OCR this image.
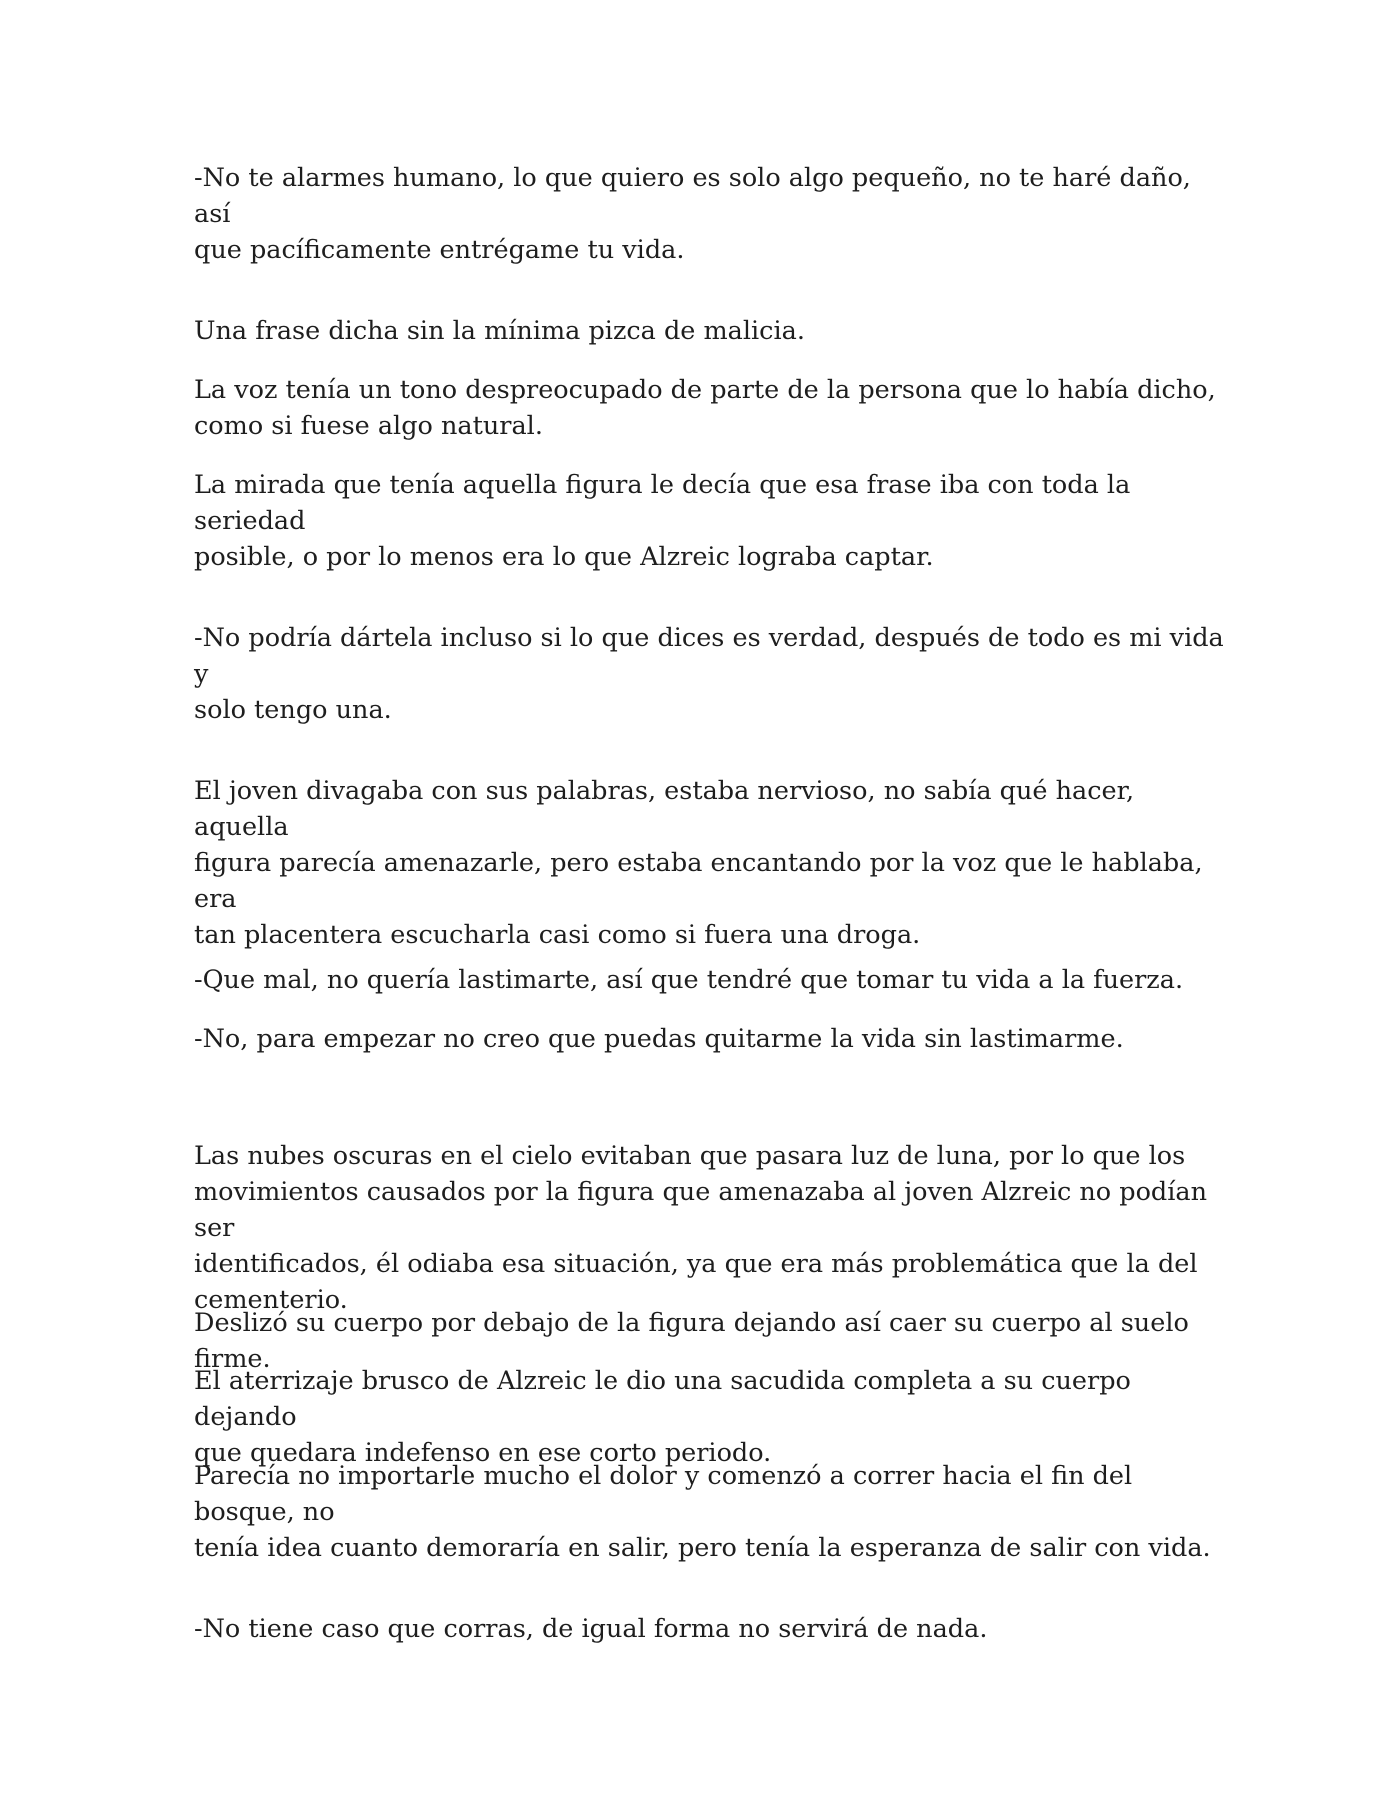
-No te alarmes humano, lo que quiero es solo algo pequeño, no te haré daño, así
que pacíficamente entrégame tu vida.

Una frase dicha sin la mínima pizca de malicia.

La voz tenía un tono despreocupado de parte de la persona que lo había dicho,
como si fuese algo natural.

La mirada que tenía aquella figura le decía que esa frase iba con toda la seriedad
posible, o por lo menos era lo que Alzreic lograba captar.

-No podría dártela incluso si lo que dices es verdad, después de todo es mi vida y
solo tengo una.

El joven divagaba con sus palabras, estaba nervioso, no sabía qué hacer, aquella
figura parecía amenazarle, pero estaba encantando por la voz que le hablaba, era
tan placentera escucharla casi como si fuera una droga.

-Que mal, no quería lastimarte, así que tendré que tomar tu vida a la fuerza.

-No, para empezar no creo que puedas quitarme la vida sin lastimarme.

Las nubes oscuras en el cielo evitaban que pasara luz de luna, por lo que los
movimientos causados por la figura que amenazaba al joven Alzreic no podían ser
identificados, él odiaba esa situación, ya que era más problemática que la del
cementerio.

Deslizó su cuerpo por debajo de la figura dejando así caer su cuerpo al suelo firme.

El aterrizaje brusco de Alzreic le dio una sacudida completa a su cuerpo dejando
que quedara indefenso en ese corto periodo.

Parecía no importarle mucho el dolor y comenzó a correr hacia el fin del bosque, no
tenía idea cuanto demoraría en salir, pero tenía la esperanza de salir con vida.

-No tiene caso que corras, de igual forma no servirá de nada.
